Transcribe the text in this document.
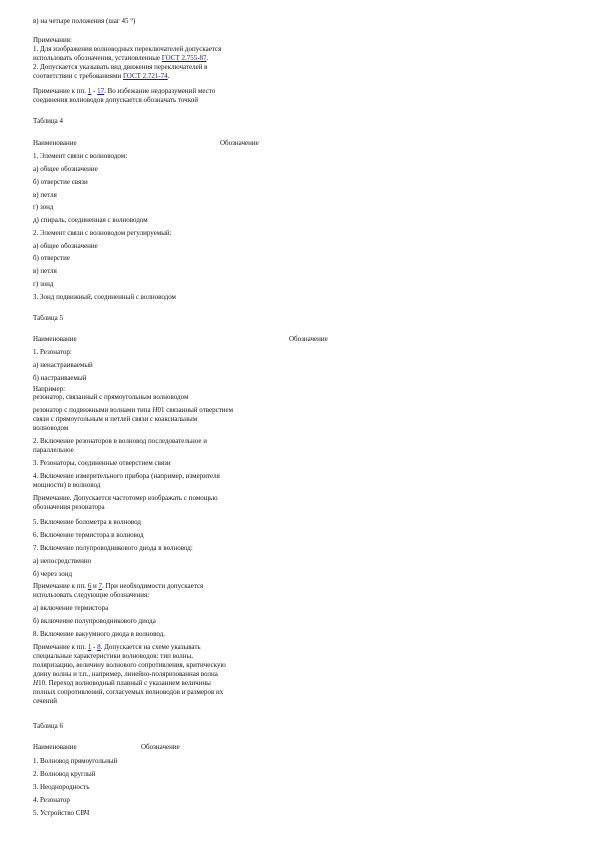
в) на четыре положения (шаг 45 °)
Примечания:
1. Для изображения волноводных переключателей допускается
использовать обозначения, установленные ГОСТ 2.755-87.
2. Допускается указывать вид движения переключателей в
соответствии с требованиями ГОСТ 2.721-74.
Примечание к пп. 1 - 17. Во избежание недоразумений место
соединения волноводов допускается обозначать точкой
Таблица 4
Наименование	Обозначение
1. Элемент связи с волноводом:
а) общее обозначение
б) отверстие связи
в) петля
г) зонд
д) спираль, соединенная с волноводом
2. Элемент связи с волноводом регулируемый:
а) общее обозначение
б) отверстие
в) петля
г) зонд
3. Зонд подвижный, соединенный с волноводом
Таблица 5
Наименование	Обозначение
1. Резонатор:
а) ненастраиваемый
б) настраиваемый
Например:
резонатор, связанный с прямоугольным волноводом
резонатор с подвижными волнами типа H01 связанный отверстием
связи с прямоугольным и петлей связи с коаксиальным
волноводом
2. Включение резонаторов в волновод последовательное и
параллельное
3. Резонаторы, соединенные отверстием связи
4. Включение измерительного прибора (например, измерителя
мощности) в волновод
Примечание. Допускается частотомер изображать с помощью
обозначения резонатора
5. Включение болометра в волновод
6. Включение термистора в волновод
7. Включение полупроводникового диода в волновод:
а) непосредственно
б) через зонд
Примечание к пп. 6 и 7. При необходимости допускается
использовать следующие обозначения:
а) включение термистора
б) включение полупроводникового диода
8. Включение вакуумного диода в волновод.
Примечание к пп. 1 - 8. Допускается на схеме указывать
специальные характеристики волноводов: тип волны,
поляризацию, величину волнового сопротивления, критическую
длину волны и т.п., например, линейно-поляризованная волна
H10. Переход волноводный плавный с указанием величины
полных сопротивлений, согласуемых волноводов и размеров их
сечений
Таблица 6
Наименование	Обозначение
1. Волновод прямоугольный
2. Волновод круглый
3. Неоднородность
4. Резонатор
5. Устройство СВЧ
